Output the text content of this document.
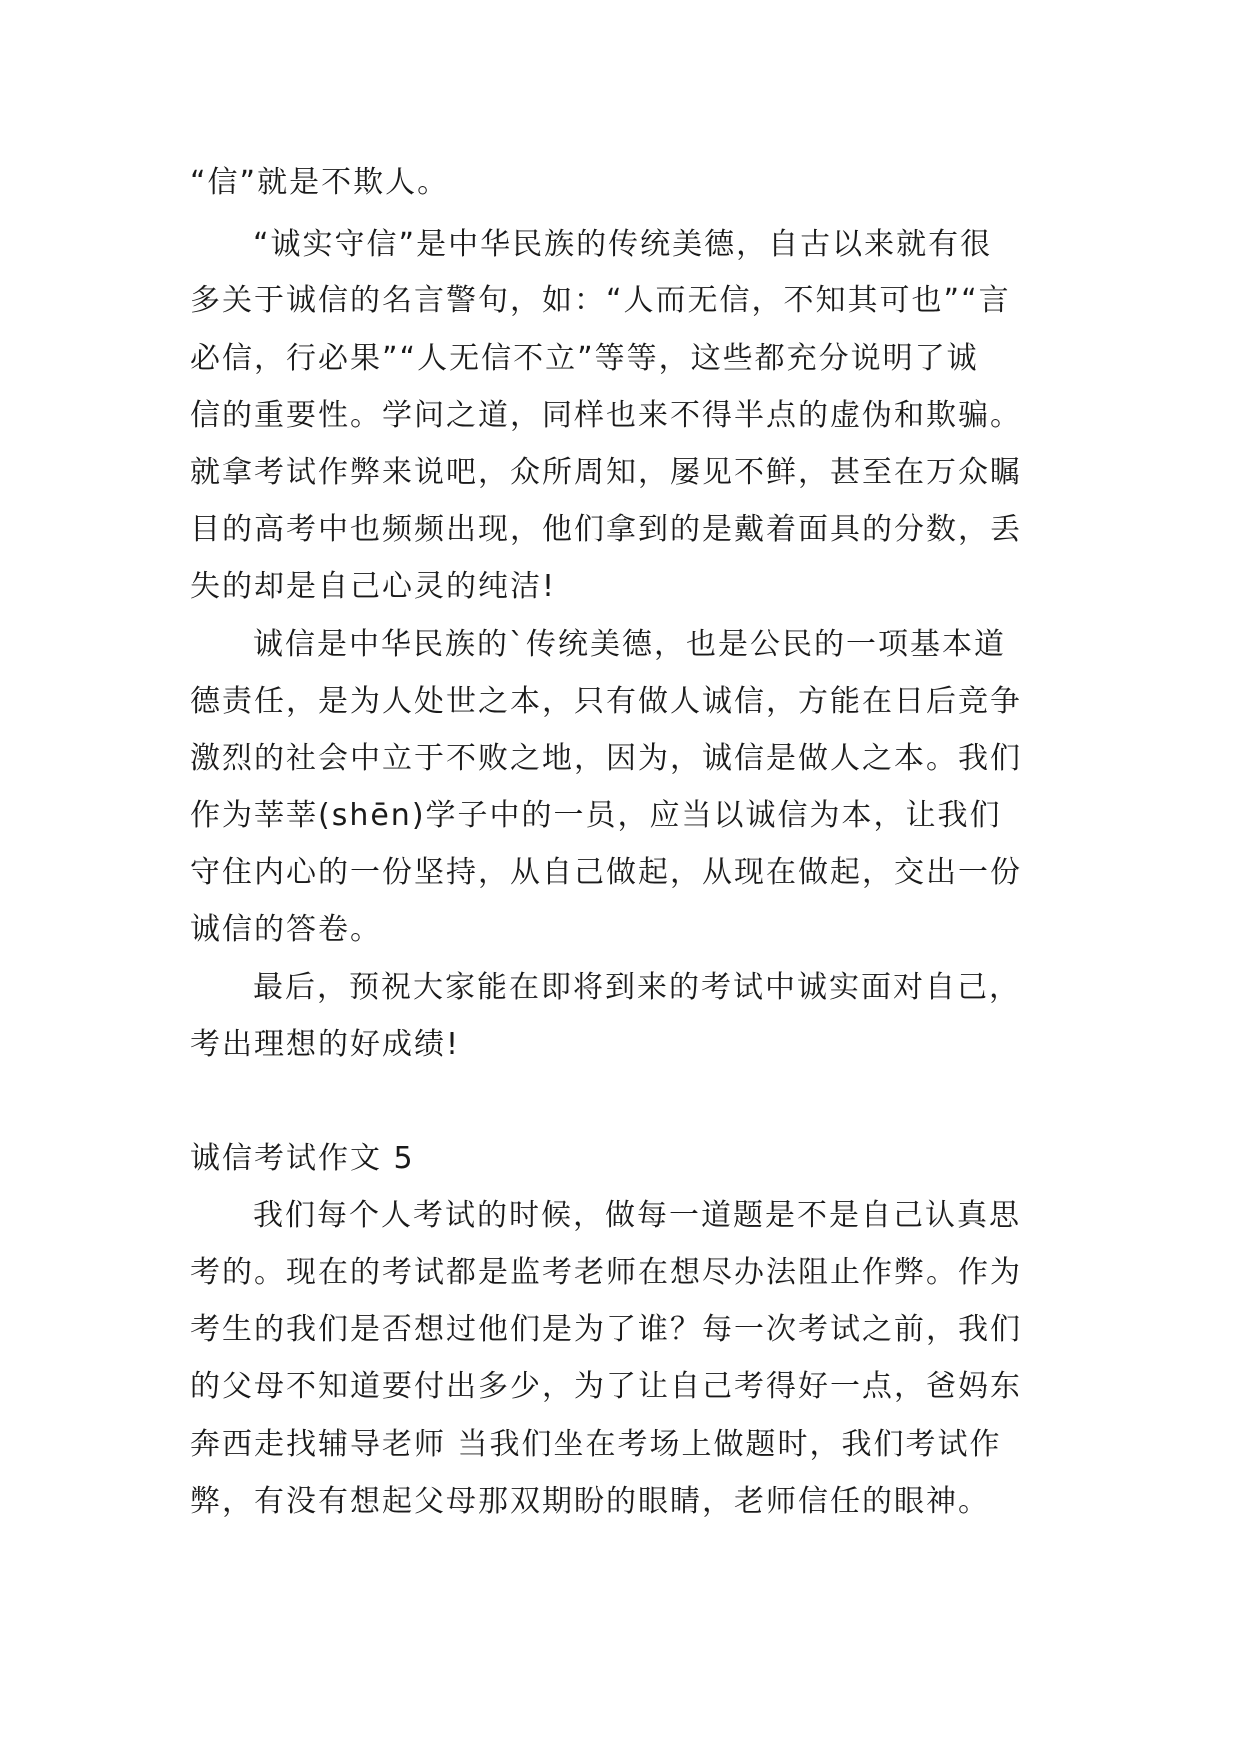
“信”就是不欺人。

“诚实守信”是中华民族的传统美德，自古以来就有很

多关于诚信的名言警句，如：“人而无信，不知其可也”“言

必信，行必果”“人无信不立”等等，这些都充分说明了诚

信的重要性。学问之道，同样也来不得半点的虚伪和欺骗。

就拿考试作弊来说吧，众所周知，屡见不鲜，甚至在万众瞩

目的高考中也频频出现，他们拿到的是戴着面具的分数，丢

失的却是自己心灵的纯洁!

诚信是中华民族的`传统美德，也是公民的一项基本道

德责任，是为人处世之本，只有做人诚信，方能在日后竞争

激烈的社会中立于不败之地，因为，诚信是做人之本。我们

作为莘莘(shēn)学子中的一员，应当以诚信为本，让我们

守住内心的一份坚持，从自己做起，从现在做起，交出一份

诚信的答卷。

最后，预祝大家能在即将到来的考试中诚实面对自己，

考出理想的好成绩!

诚信考试作文 5

我们每个人考试的时候，做每一道题是不是自己认真思

考的。现在的考试都是监考老师在想尽办法阻止作弊。作为

考生的我们是否想过他们是为了谁？每一次考试之前，我们

的父母不知道要付出多少，为了让自己考得好一点，爸妈东

奔西走找辅导老师 当我们坐在考场上做题时，我们考试作

弊，有没有想起父母那双期盼的眼睛，老师信任的眼神。
